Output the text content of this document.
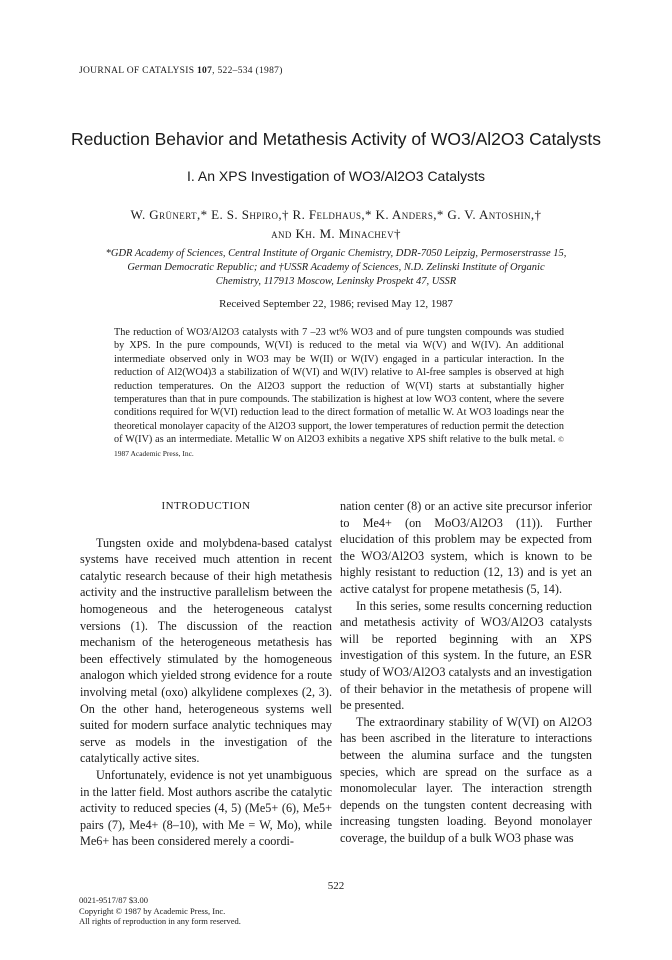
JOURNAL OF CATALYSIS 107, 522–534 (1987)
Reduction Behavior and Metathesis Activity of WO3/Al2O3 Catalysts
I. An XPS Investigation of WO3/Al2O3 Catalysts
W. Grünert,* E. S. Shpiro,† R. Feldhaus,* K. Anders,* G. V. Antoshin,†
and Kh. M. Minachev†
*GDR Academy of Sciences, Central Institute of Organic Chemistry, DDR-7050 Leipzig, Permoserstrasse 15,
German Democratic Republic; and †USSR Academy of Sciences, N.D. Zelinski Institute of Organic
Chemistry, 117913 Moscow, Leninsky Prospekt 47, USSR
Received September 22, 1986; revised May 12, 1987
The reduction of WO3/Al2O3 catalysts with 7 –23 wt% WO3 and of pure tungsten compounds was studied by XPS. In the pure compounds, W(VI) is reduced to the metal via W(V) and W(IV). An additional intermediate observed only in WO3 may be W(II) or W(IV) engaged in a particular interaction. In the reduction of Al2(WO4)3 a stabilization of W(VI) and W(IV) relative to Al-free samples is observed at high reduction temperatures. On the Al2O3 support the reduction of W(VI) starts at substantially higher temperatures than that in pure compounds. The stabilization is highest at low WO3 content, where the severe conditions required for W(VI) reduction lead to the direct formation of metallic W. At WO3 loadings near the theoretical monolayer capacity of the Al2O3 support, the lower temperatures of reduction permit the detection of W(IV) as an intermediate. Metallic W on Al2O3 exhibits a negative XPS shift relative to the bulk metal. © 1987 Academic Press, Inc.

INTRODUCTION

Tungsten oxide and molybdena-based catalyst systems have received much attention in recent catalytic research because of their high metathesis activity and the instructive parallelism between the homogeneous and the heterogeneous catalyst versions (1). The discussion of the reaction mechanism of the heterogeneous metathesis has been effectively stimulated by the homogeneous analogon which yielded strong evidence for a route involving metal (oxo) alkylidene complexes (2, 3). On the other hand, heterogeneous systems well suited for modern surface analytic techniques may serve as models in the investigation of the catalytically active sites.

Unfortunately, evidence is not yet unambiguous in the latter field. Most authors ascribe the catalytic activity to reduced species (4, 5) (Me5+ (6), Me5+ pairs (7), Me4+ (8–10), with Me = W, Mo), while Me6+ has been considered merely a coordi-

nation center (8) or an active site precursor inferior to Me4+ (on MoO3/Al2O3 (11)). Further elucidation of this problem may be expected from the WO3/Al2O3 system, which is known to be highly resistant to reduction (12, 13) and is yet an active catalyst for propene metathesis (5, 14).

In this series, some results concerning reduction and metathesis activity of WO3/Al2O3 catalysts will be reported beginning with an XPS investigation of this system. In the future, an ESR study of WO3/Al2O3 catalysts and an investigation of their behavior in the metathesis of propene will be presented.

The extraordinary stability of W(VI) on Al2O3 has been ascribed in the literature to interactions between the alumina surface and the tungsten species, which are spread on the surface as a monomolecular layer. The interaction strength depends on the tungsten content decreasing with increasing tungsten loading. Beyond monolayer coverage, the buildup of a bulk WO3 phase was

522
0021-9517/87 $3.00
Copyright © 1987 by Academic Press, Inc.
All rights of reproduction in any form reserved.
